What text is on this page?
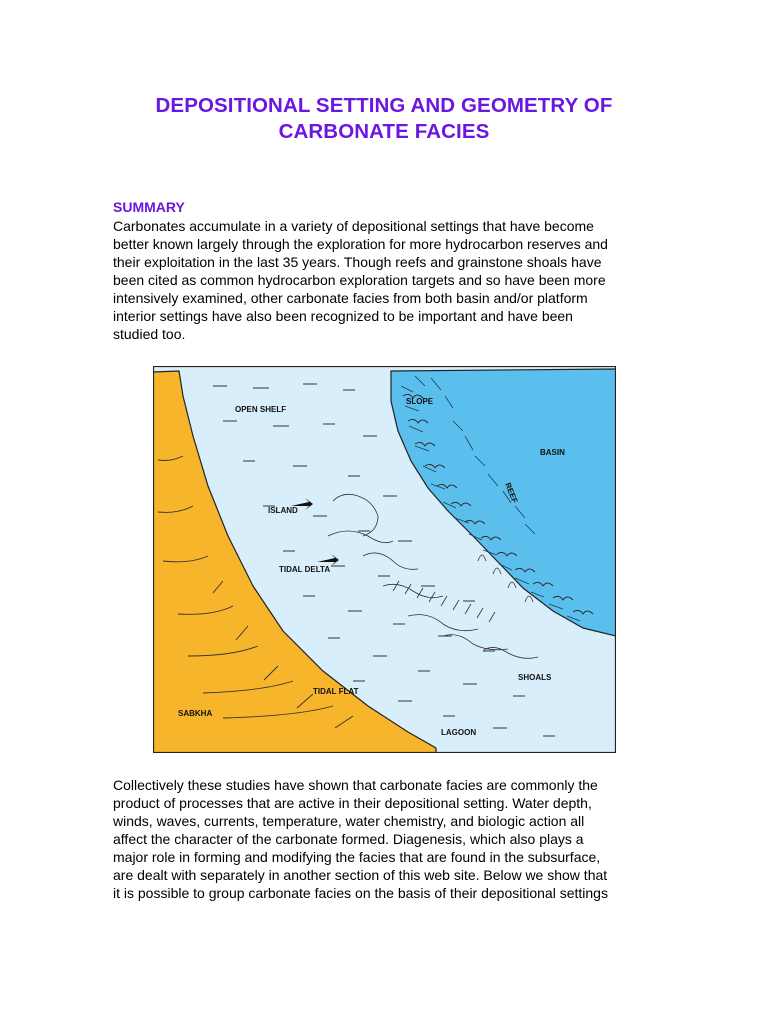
DEPOSITIONAL SETTING AND GEOMETRY OF
CARBONATE FACIES
SUMMARY
Carbonates accumulate in a variety of depositional settings that have become
better known largely through the exploration for more hydrocarbon reserves and
their exploitation in the last 35 years. Though reefs and grainstone shoals have
been cited as common hydrocarbon exploration targets and so have been more
intensively examined, other carbonate facies from both basin and/or platform
interior settings have also been recognized to be important and have been
studied too.
OPEN SHELF
SLOPE
BASIN
REEF
ISLAND
TIDAL DELTA
TIDAL FLAT
SABKHA
SHOALS
LAGOON
Collectively these studies have shown that carbonate facies are commonly the
product of processes that are active in their depositional setting. Water depth,
winds, waves, currents, temperature, water chemistry, and biologic action all
affect the character of the carbonate formed. Diagenesis, which also plays a
major role in forming and modifying the facies that are found in the subsurface,
are dealt with separately in another section of this web site. Below we show that
it is possible to group carbonate facies on the basis of their depositional settings
